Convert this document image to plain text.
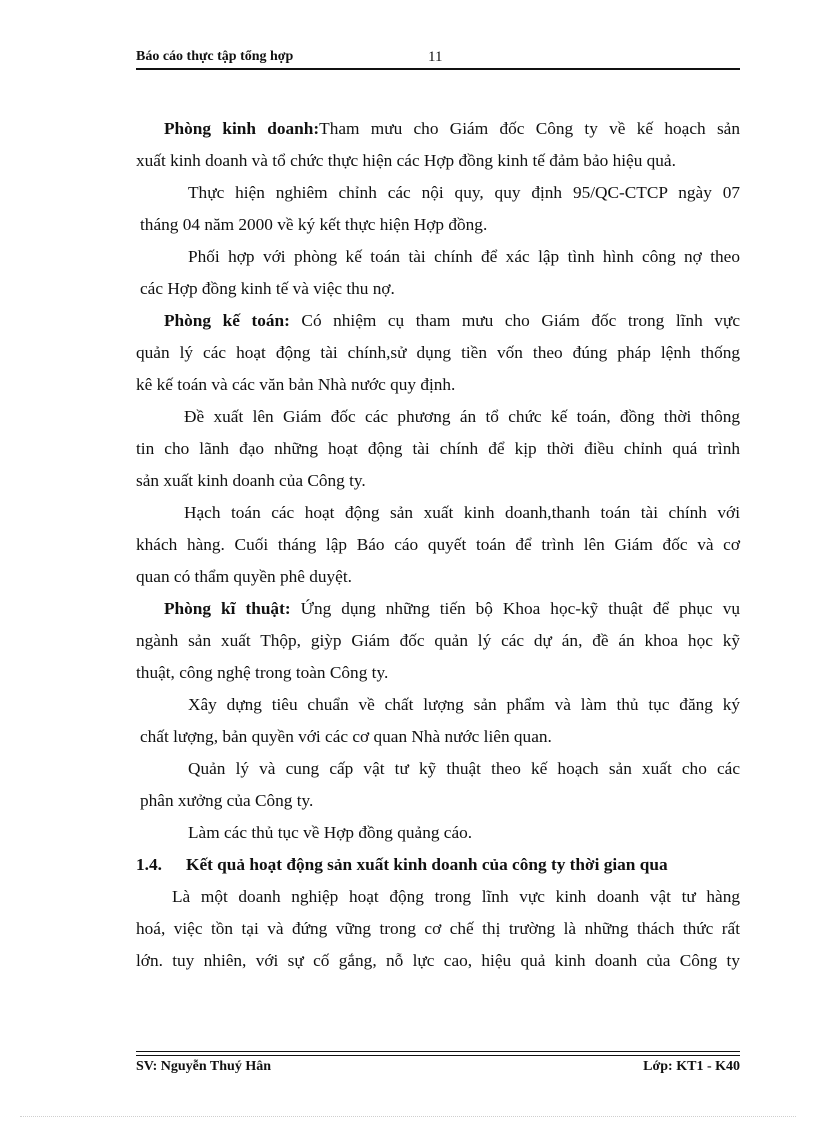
Báo cáo thực tập tổng hợp	11

Phòng kinh doanh:Tham mưu cho Giám đốc Công ty về kế hoạch sản
xuất kinh doanh và tổ chức thực hiện các Hợp đồng kinh tế đảm bảo hiệu quả.

Thực hiện nghiêm chỉnh các nội quy, quy định 95/QC-CTCP ngày 07
tháng 04 năm 2000 về ký kết thực hiện Hợp đồng.

Phối hợp với phòng kế toán tài chính để xác lập tình hình công nợ theo
các Hợp đồng kinh tế và việc thu nợ.

Phòng kế toán: Có nhiệm cụ tham mưu cho Giám đốc trong lĩnh vực
quản lý các hoạt động tài chính,sử dụng tiền vốn theo đúng pháp lệnh thống
kê kế toán và các văn bản Nhà nước quy định.

Đề xuất lên Giám đốc các phương án tổ chức kế toán, đồng thời thông
tin cho lãnh đạo những hoạt động tài chính để kịp thời điều chỉnh quá trình
sản xuất kinh doanh của Công ty.

Hạch toán các hoạt động sản xuất kinh doanh,thanh toán tài chính với
khách hàng. Cuối tháng lập Báo cáo quyết toán để trình lên Giám đốc và cơ
quan có thẩm quyền phê duyệt.

Phòng kĩ thuật: Ứng dụng những tiến bộ Khoa học-kỹ thuật để phục vụ
ngành sản xuất Thộp, giỳp Giám đốc quản lý các dự án, đề án khoa học kỹ
thuật, công nghệ trong toàn Công ty.

Xây dựng tiêu chuẩn về chất lượng sản phẩm và làm thủ tục đăng ký
chất lượng, bản quyền với các cơ quan Nhà nước liên quan.

Quản lý và cung cấp vật tư kỹ thuật theo kế hoạch sản xuất cho các
phân xưởng của Công ty.

Làm các thủ tục về Hợp đồng quảng cáo.

1.4. Kết quả hoạt động sản xuất kinh doanh của công ty thời gian qua

Là một doanh nghiệp hoạt động trong lĩnh vực kinh doanh vật tư hàng
hoá, việc tồn tại và đứng vững trong cơ chế thị trường là những thách thức rất
lớn. tuy nhiên, với sự cố gắng, nỗ lực cao, hiệu quả kinh doanh của Công ty

SV: Nguyễn Thuý Hân	Lớp: KT1 - K40
